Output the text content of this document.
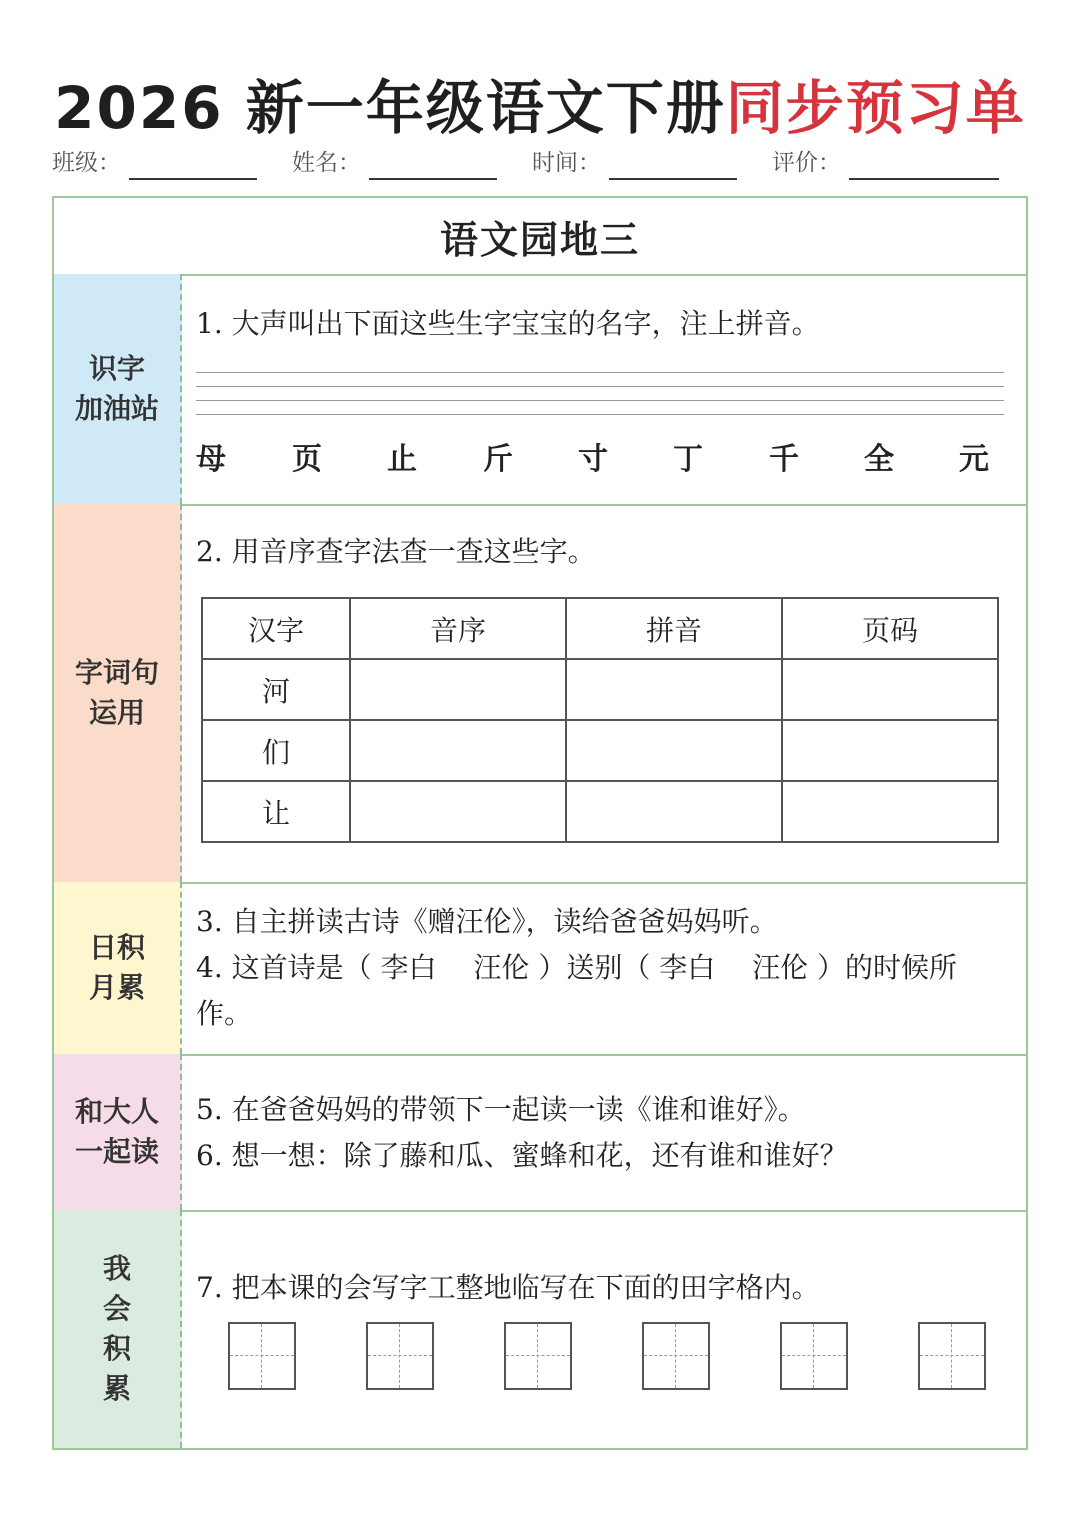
2026 新一年级语文下册同步预习单
班级：	姓名：	时间：	评价：
语文园地三
识字
加油站
1. 大声叫出下面这些生字宝宝的名字，注上拼音。
母 页 止 斤 寸 丁 千 全 元
字词句
运用
2. 用音序查字法查一查这些字。
汉字	音序	拼音	页码
河			
们			
让			
日积
月累
3. 自主拼读古诗《赠汪伦》，读给爸爸妈妈听。
4. 这首诗是（ 李白　 汪伦 ）送别（ 李白　 汪伦 ）的时候所
作。
和大人
一起读
5. 在爸爸妈妈的带领下一起读一读《谁和谁好》。
6. 想一想：除了藤和瓜、蜜蜂和花，还有谁和谁好？
我
会
积
累
7. 把本课的会写字工整地临写在下面的田字格内。
